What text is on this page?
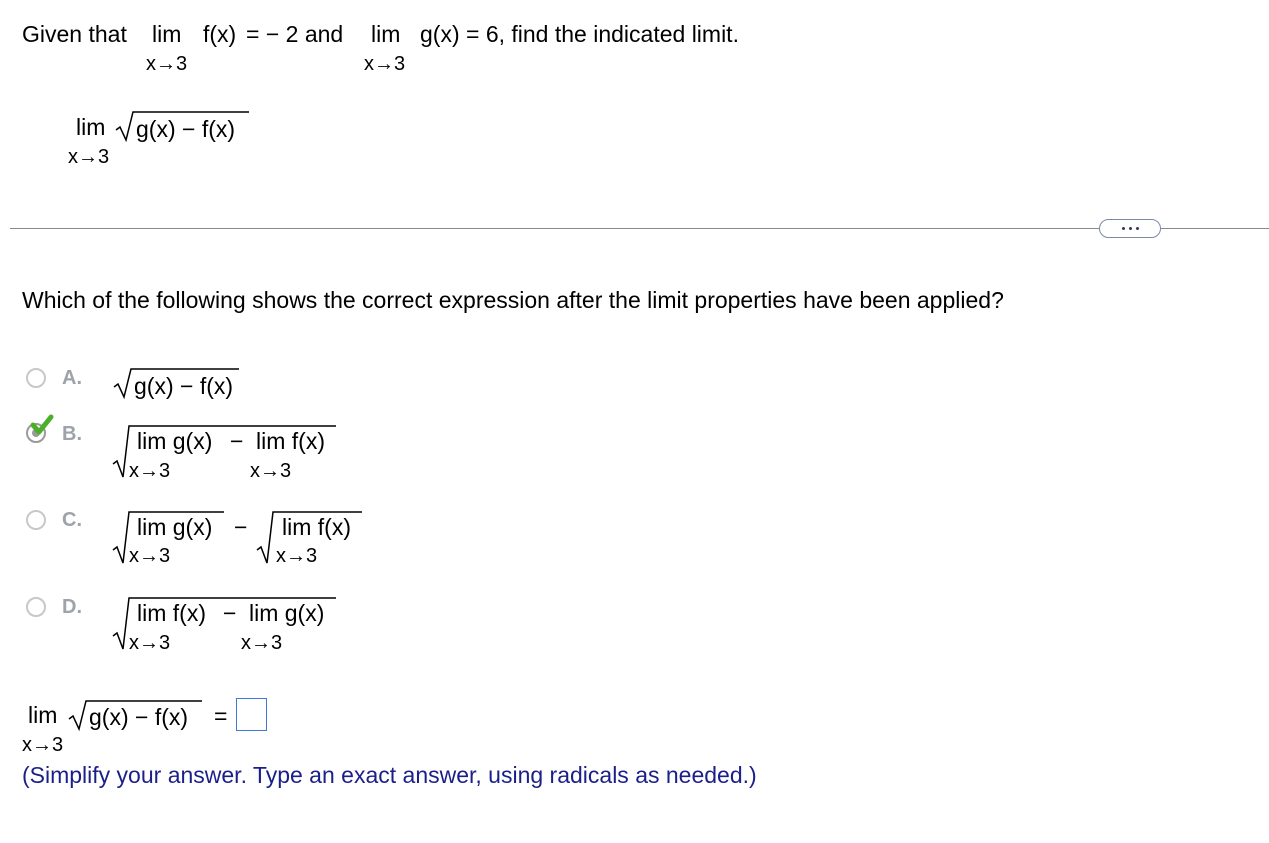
Given that lim f(x) = − 2 and lim g(x) = 6, find the indicated limit.
x→3	x→3
lim g(x) − f(x)
x→3
Which of the following shows the correct expression after the limit properties have been applied?
A. g(x) − f(x)
B. lim g(x) − lim f(x)
x→3	x→3
C. lim g(x)
x→3
− lim f(x)
x→3
D. lim f(x) − lim g(x)
x→3	x→3
lim g(x) − f(x) =
x→3
(Simplify your answer. Type an exact answer, using radicals as needed.)
